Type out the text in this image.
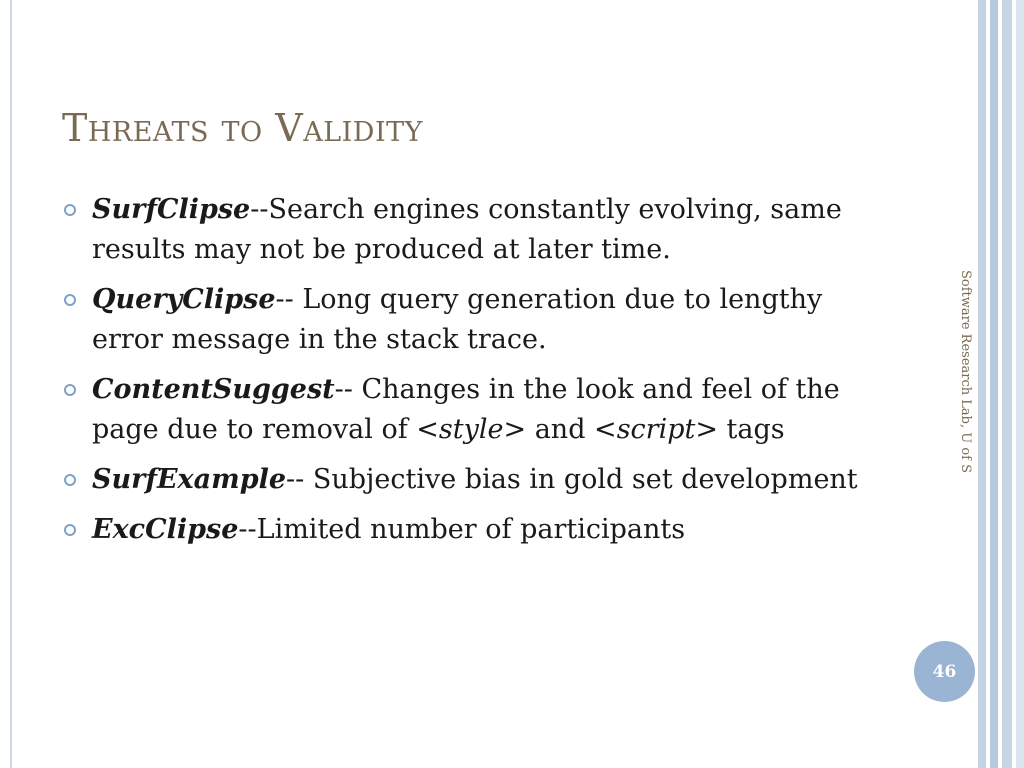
Threats to Validity
SurfClipse--Search engines constantly evolving, same results may not be produced at later time.
QueryClipse-- Long query generation due to lengthy error message in the stack trace.
ContentSuggest-- Changes in the look and feel of the page due to removal of <style> and <script> tags
SurfExample-- Subjective bias in gold set development
ExcClipse--Limited number of participants
Software Research Lab, U of S
46
